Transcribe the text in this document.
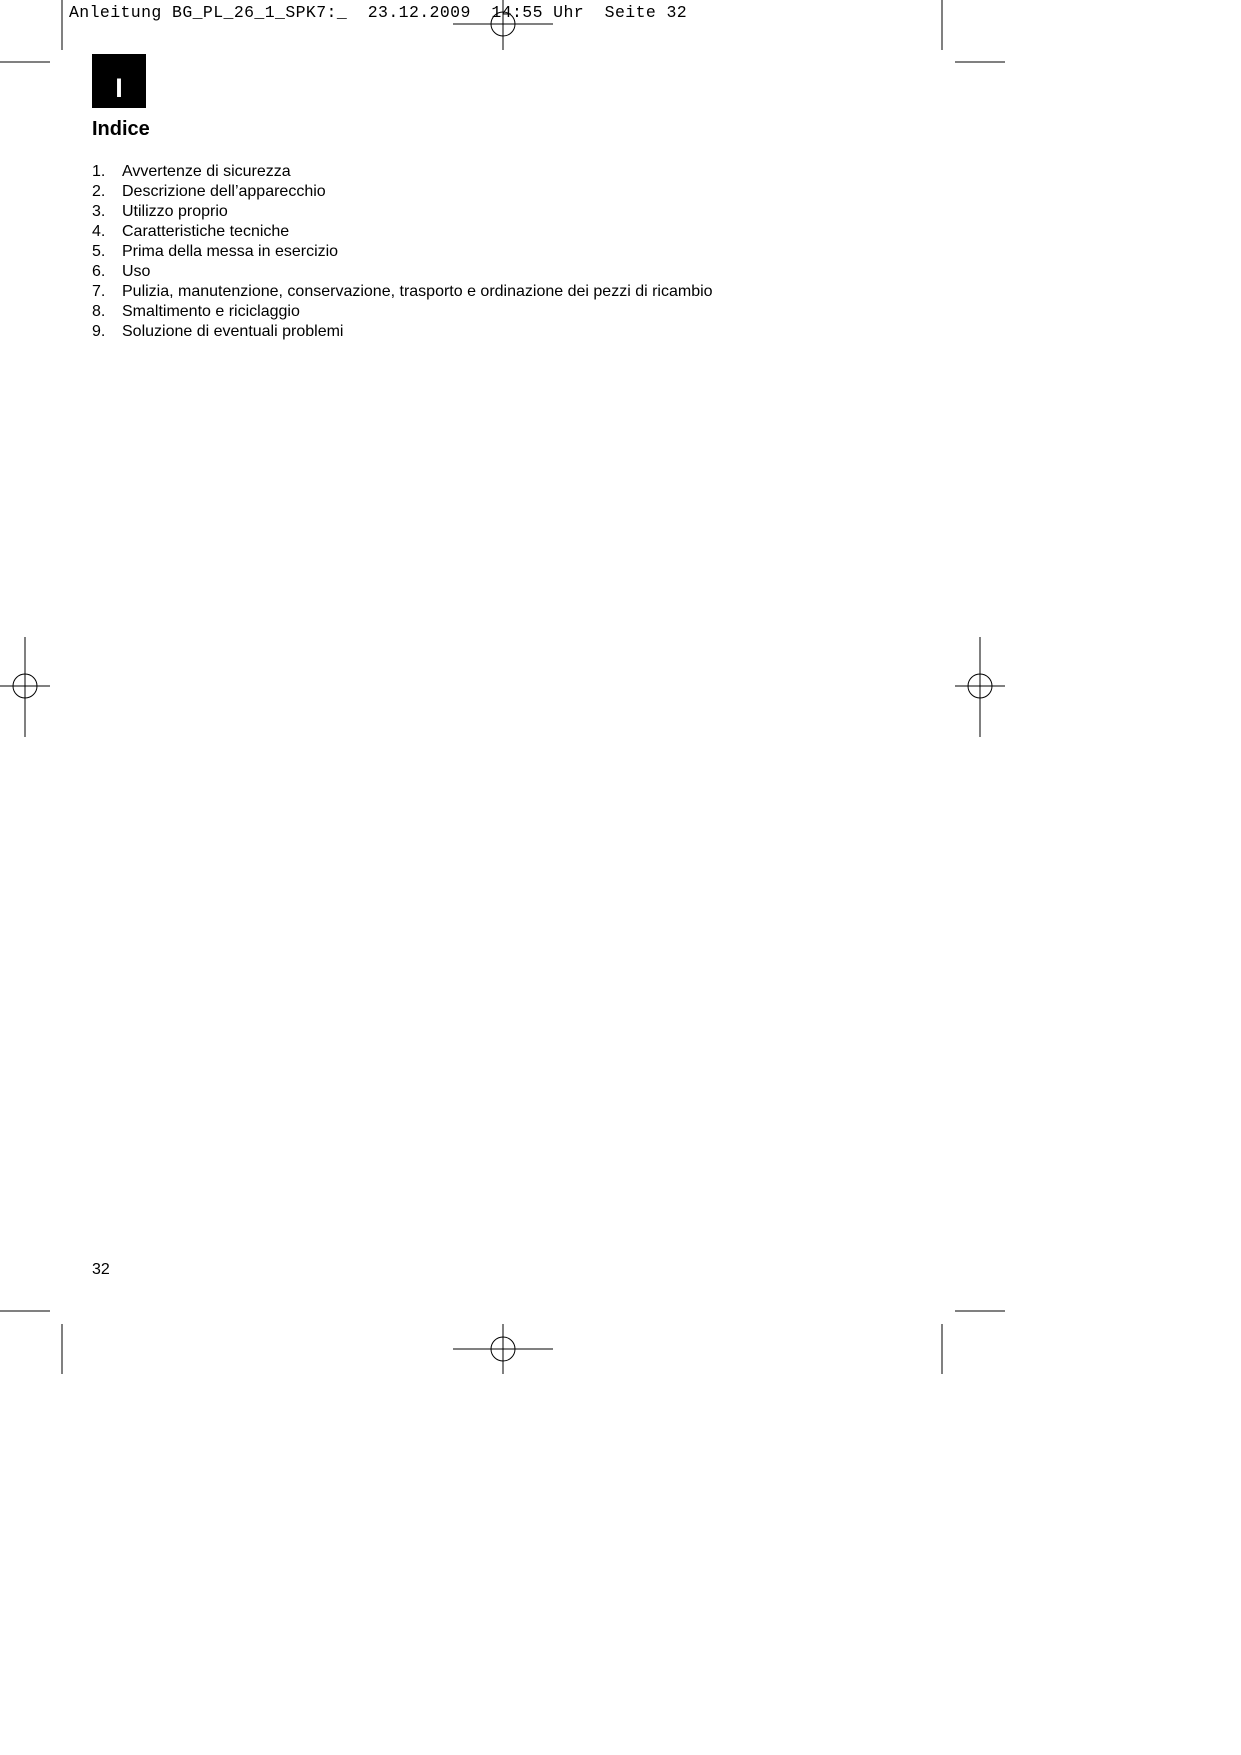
Anleitung BG_PL_26_1_SPK7:_  23.12.2009  14:55 Uhr  Seite 32
I
Indice
1.	Avvertenze di sicurezza
2.	Descrizione dell’apparecchio
3.	Utilizzo proprio
4.	Caratteristiche tecniche
5.	Prima della messa in esercizio
6.	Uso
7.	Pulizia, manutenzione, conservazione, trasporto e ordinazione dei pezzi di ricambio
8.	Smaltimento e riciclaggio
9.	Soluzione di eventuali problemi
32
